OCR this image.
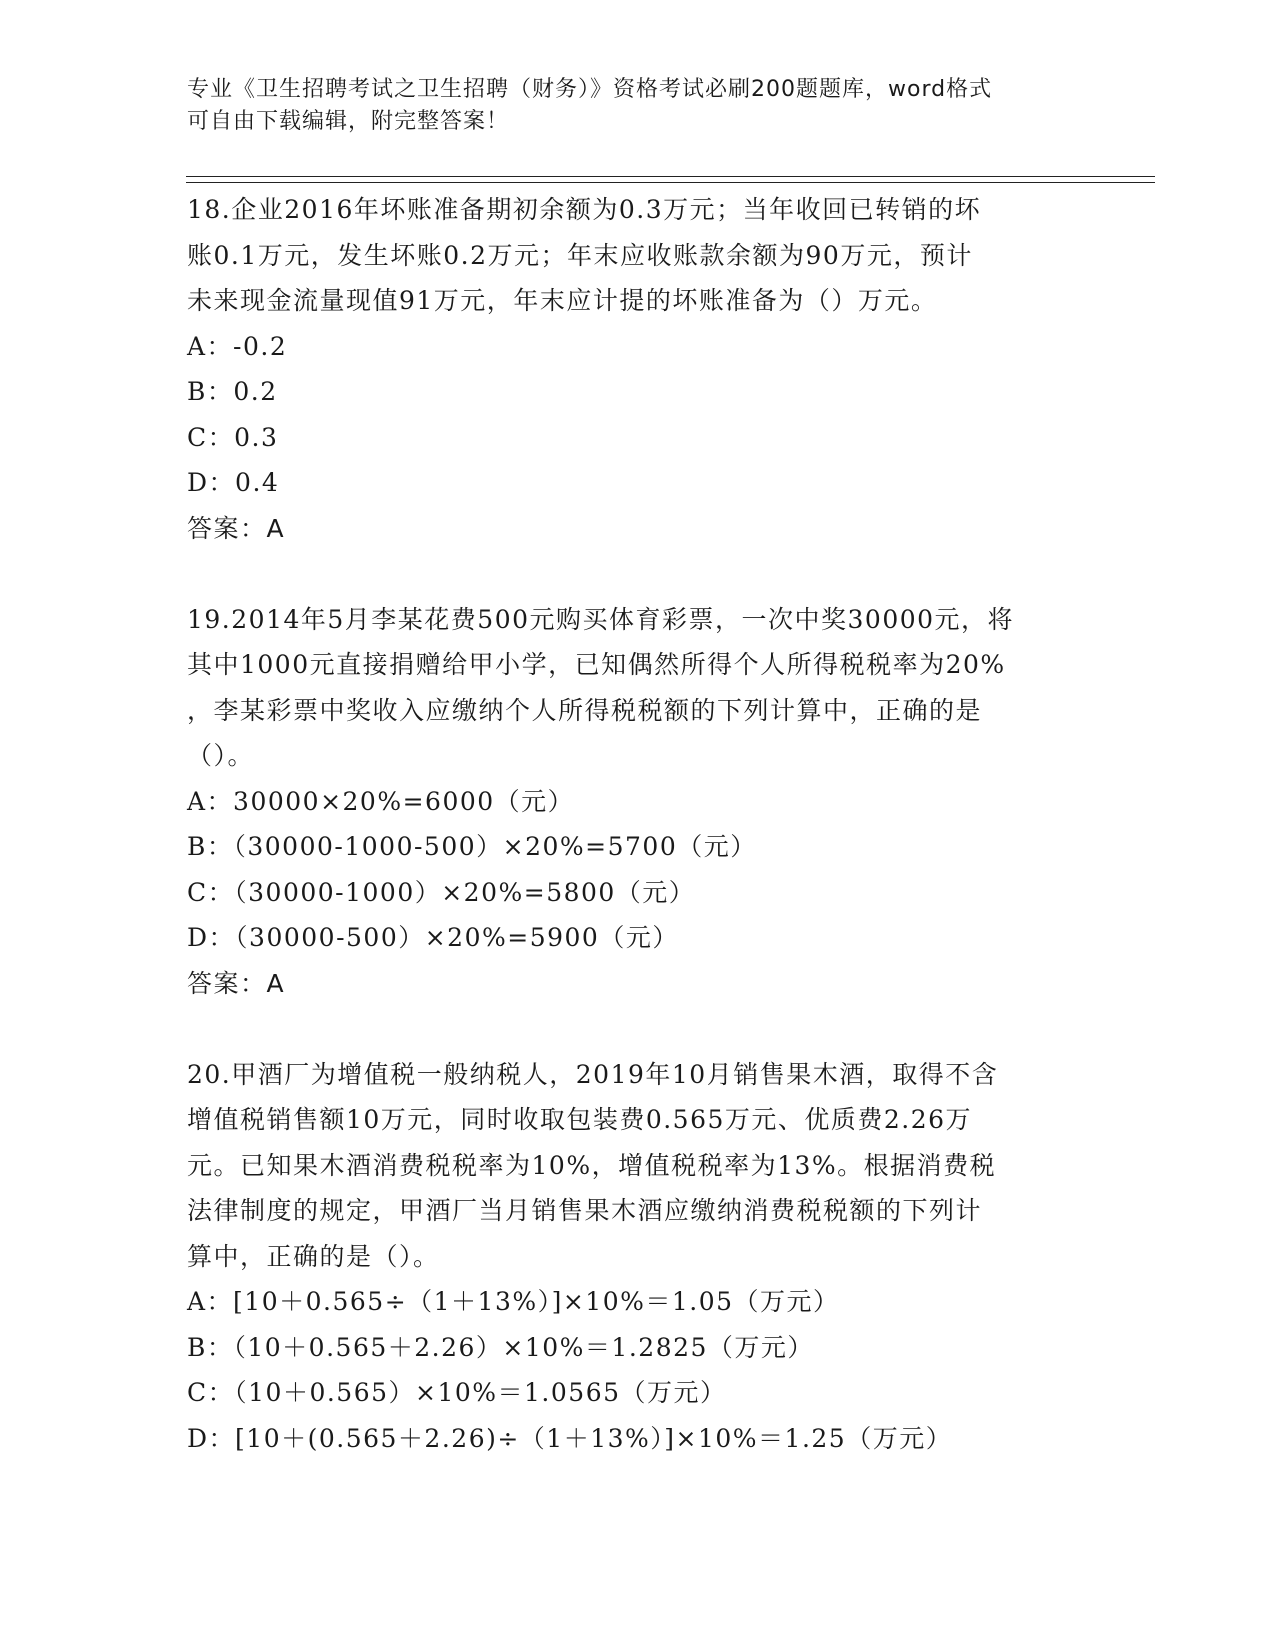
专业《卫生招聘考试之卫生招聘（财务）》资格考试必刷200题题库，word格式
可自由下载编辑，附完整答案！
18.企业2016年坏账准备期初余额为0.3万元；当年收回已转销的坏
账0.1万元，发生坏账0.2万元；年末应收账款余额为90万元，预计
未来现金流量现值91万元，年末应计提的坏账准备为（）万元。
A：-0.2
B：0.2
C：0.3
D：0.4
答案：A
19.2014年5月李某花费500元购买体育彩票，一次中奖30000元，将
其中1000元直接捐赠给甲小学，已知偶然所得个人所得税税率为20%
，李某彩票中奖收入应缴纳个人所得税税额的下列计算中，正确的是
（）。
A：30000×20%=6000（元）
B：（30000-1000-500）×20%=5700（元）
C：（30000-1000）×20%=5800（元）
D：（30000-500）×20%=5900（元）
答案：A
20.甲酒厂为增值税一般纳税人，2019年10月销售果木酒，取得不含
增值税销售额10万元，同时收取包装费0.565万元、优质费2.26万
元。已知果木酒消费税税率为10%，增值税税率为13%。根据消费税
法律制度的规定，甲酒厂当月销售果木酒应缴纳消费税税额的下列计
算中，正确的是（）。
A：[10＋0.565÷（1＋13%）]×10%＝1.05（万元）
B：（10＋0.565＋2.26）×10%＝1.2825（万元）
C：（10＋0.565）×10%＝1.0565（万元）
D：[10＋(0.565＋2.26)÷（1＋13%）]×10%＝1.25（万元）
